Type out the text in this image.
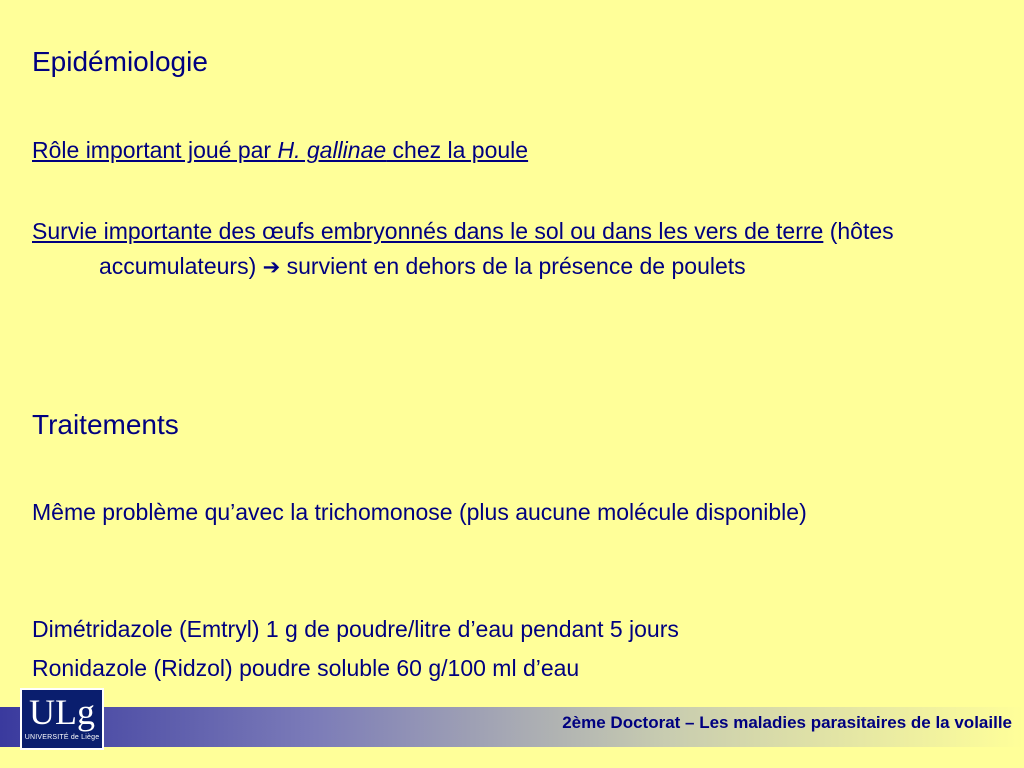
Epidémiologie
Rôle important joué par H. gallinae chez la poule
Survie importante des œufs embryonnés dans le sol ou dans les vers de terre (hôtes accumulateurs) ➔ survient en dehors de la présence de poulets
Traitements
Même problème qu’avec la trichomonose (plus aucune molécule disponible)
Dimétridazole (Emtryl) 1 g de poudre/litre d’eau pendant 5 jours
Ronidazole (Ridzol) poudre soluble 60 g/100 ml d’eau
2ème Doctorat – Les maladies parasitaires de la volaille
ULg
UNIVERSITÉ de Liège
